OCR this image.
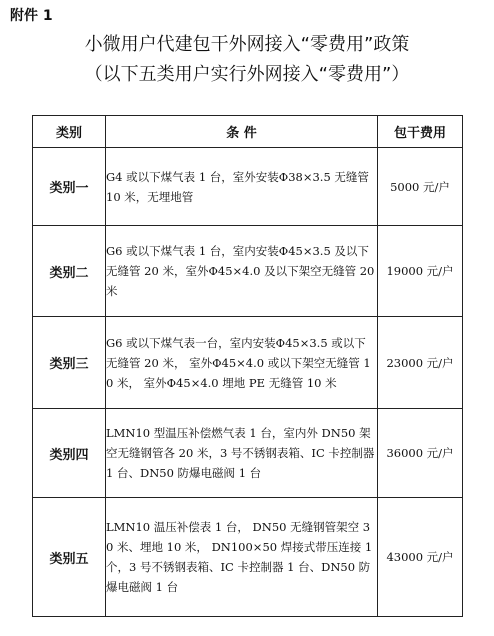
附件 1
小微用户代建包干外网接入“零费用”政策
（以下五类用户实行外网接入“零费用”）
类别	条 件	包干费用
类别一	G4 或以下煤气表 1 台，室外安装Φ38×3.5 无缝管 10 米，无埋地管	5000 元/户
类别二	G6 或以下煤气表 1 台，室内安装Φ45×3.5 及以下无缝管 20 米，室外Φ45×4.0 及以下架空无缝管 20 米	19000 元/户
类别三	G6 或以下煤气表一台，室内安装Φ45×3.5 或以下无缝管 20 米， 室外Φ45×4.0 或以下架空无缝管 10 米， 室外Φ45×4.0 埋地 PE 无缝管 10 米	23000 元/户
类别四	LMN10 型温压补偿燃气表 1 台，室内外 DN50 架空无缝钢管各 20 米，3 号不锈钢表箱、IC 卡控制器 1 台、DN50 防爆电磁阀 1 台	36000 元/户
类别五	LMN10 温压补偿表 1 台， DN50 无缝钢管架空 30 米、埋地 10 米， DN100×50 焊接式带压连接 1 个，3 号不锈钢表箱、IC 卡控制器 1 台、DN50 防爆电磁阀 1 台	43000 元/户
